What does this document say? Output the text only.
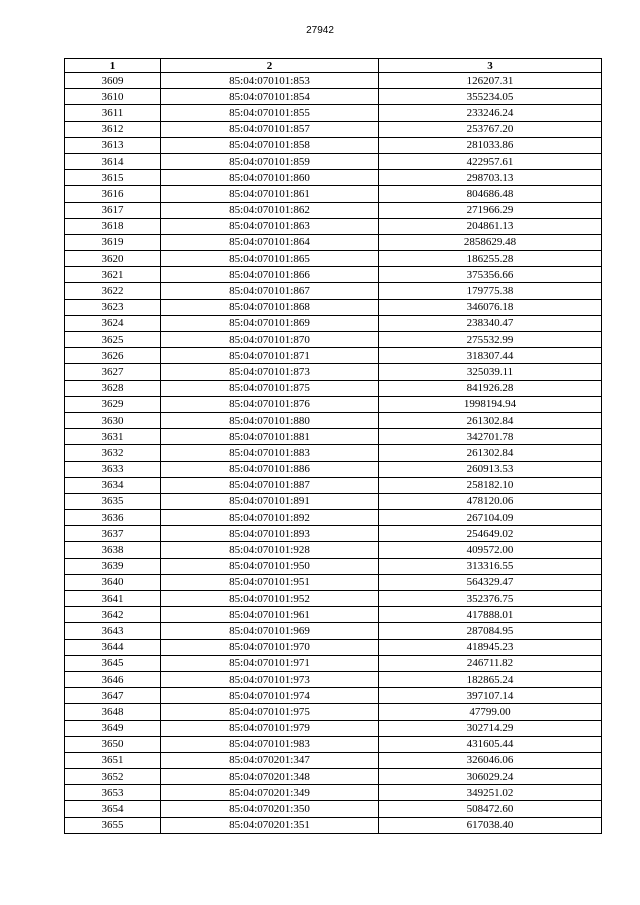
27942
1	2	3
3609	85:04:070101:853	126207.31
3610	85:04:070101:854	355234.05
3611	85:04:070101:855	233246.24
3612	85:04:070101:857	253767.20
3613	85:04:070101:858	281033.86
3614	85:04:070101:859	422957.61
3615	85:04:070101:860	298703.13
3616	85:04:070101:861	804686.48
3617	85:04:070101:862	271966.29
3618	85:04:070101:863	204861.13
3619	85:04:070101:864	2858629.48
3620	85:04:070101:865	186255.28
3621	85:04:070101:866	375356.66
3622	85:04:070101:867	179775.38
3623	85:04:070101:868	346076.18
3624	85:04:070101:869	238340.47
3625	85:04:070101:870	275532.99
3626	85:04:070101:871	318307.44
3627	85:04:070101:873	325039.11
3628	85:04:070101:875	841926.28
3629	85:04:070101:876	1998194.94
3630	85:04:070101:880	261302.84
3631	85:04:070101:881	342701.78
3632	85:04:070101:883	261302.84
3633	85:04:070101:886	260913.53
3634	85:04:070101:887	258182.10
3635	85:04:070101:891	478120.06
3636	85:04:070101:892	267104.09
3637	85:04:070101:893	254649.02
3638	85:04:070101:928	409572.00
3639	85:04:070101:950	313316.55
3640	85:04:070101:951	564329.47
3641	85:04:070101:952	352376.75
3642	85:04:070101:961	417888.01
3643	85:04:070101:969	287084.95
3644	85:04:070101:970	418945.23
3645	85:04:070101:971	246711.82
3646	85:04:070101:973	182865.24
3647	85:04:070101:974	397107.14
3648	85:04:070101:975	47799.00
3649	85:04:070101:979	302714.29
3650	85:04:070101:983	431605.44
3651	85:04:070201:347	326046.06
3652	85:04:070201:348	306029.24
3653	85:04:070201:349	349251.02
3654	85:04:070201:350	508472.60
3655	85:04:070201:351	617038.40
